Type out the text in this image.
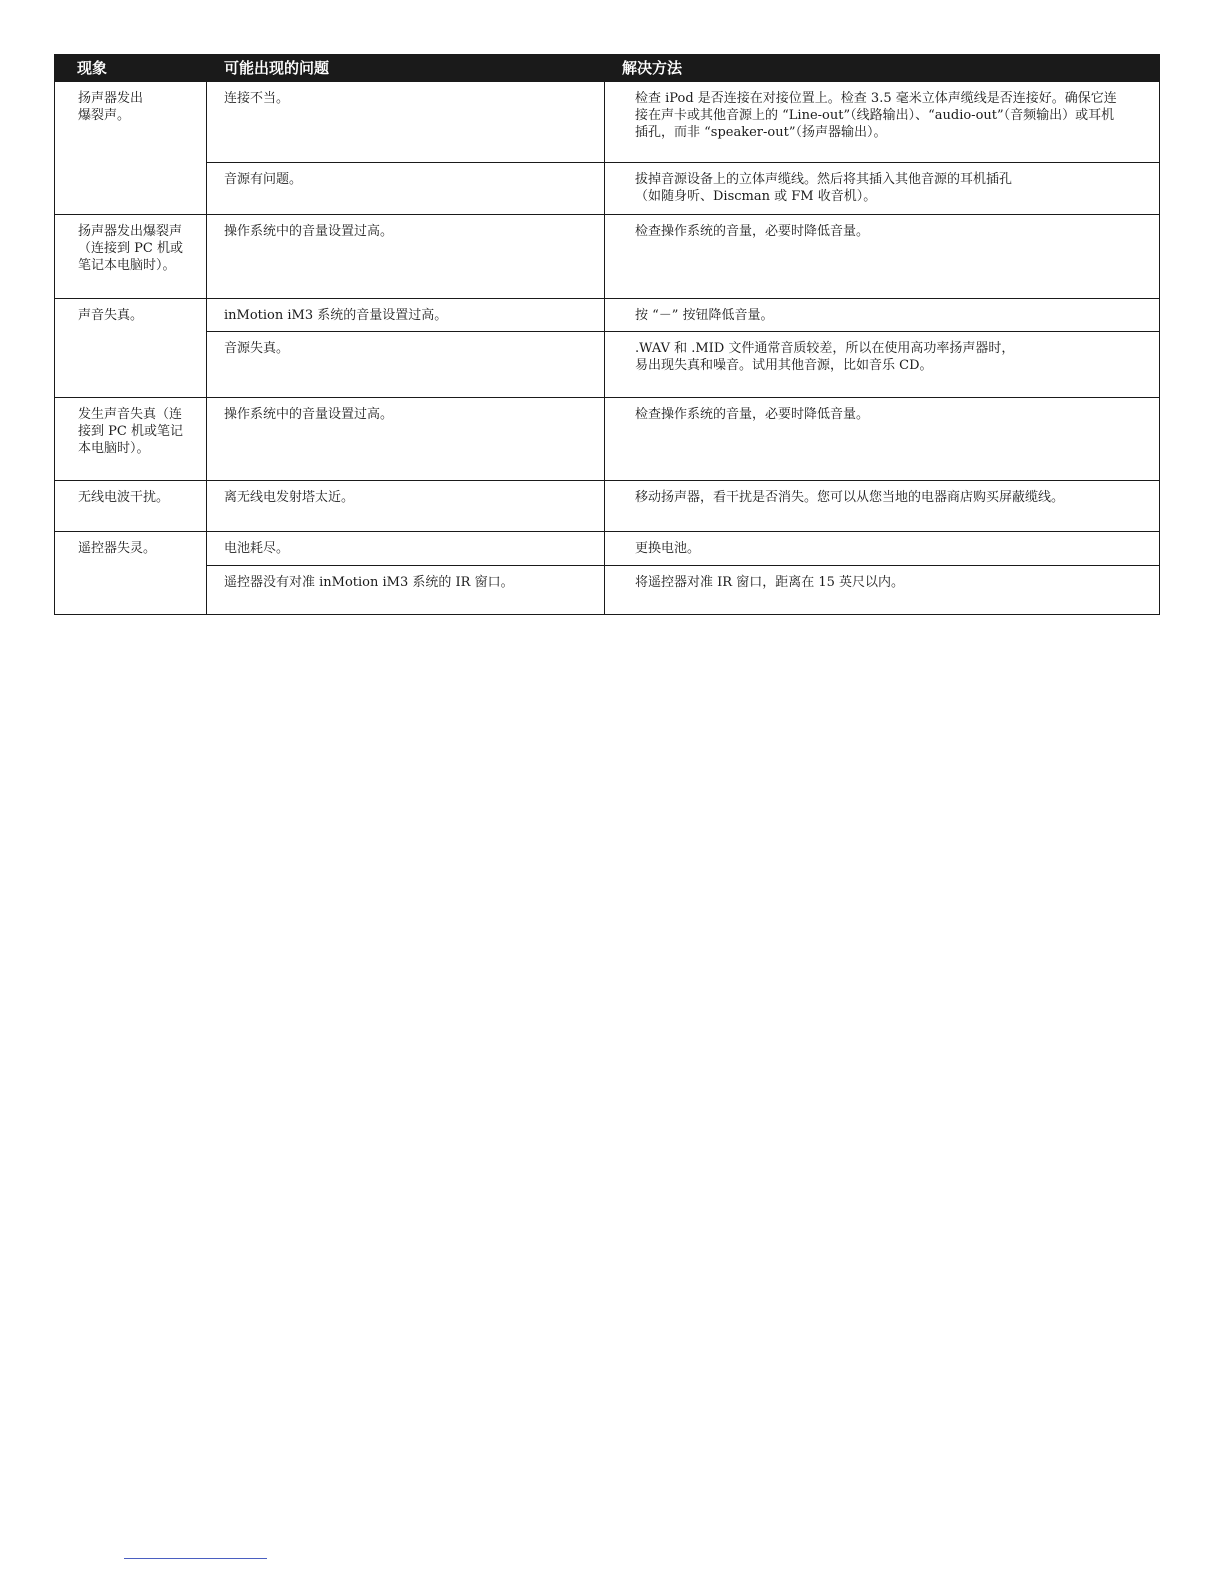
现象	可能出现的问题	解决方法
扬声器发出
爆裂声。	连接不当。	检查 iPod 是否连接在对接位置上。检查 3.5 毫米立体声缆线是否连接好。确保它连
接在声卡或其他音源上的 “Line-out”（线路输出）、“audio-out”（音频输出）或耳机
插孔，而非 “speaker-out”（扬声器输出）。
	音源有问题。	拔掉音源设备上的立体声缆线。然后将其插入其他音源的耳机插孔
（如随身听、Discman 或 FM 收音机）。
扬声器发出爆裂声
（连接到 PC 机或
笔记本电脑时）。	操作系统中的音量设置过高。	检查操作系统的音量，必要时降低音量。
声音失真。	inMotion iM3 系统的音量设置过高。	按 “－” 按钮降低音量。
	音源失真。	.WAV 和 .MID 文件通常音质较差，所以在使用高功率扬声器时，
易出现失真和噪音。试用其他音源，比如音乐 CD。
发生声音失真（连
接到 PC 机或笔记
本电脑时）。	操作系统中的音量设置过高。	检查操作系统的音量，必要时降低音量。
无线电波干扰。	离无线电发射塔太近。	移动扬声器，看干扰是否消失。您可以从您当地的电器商店购买屏蔽缆线。
遥控器失灵。	电池耗尽。	更换电池。
	遥控器没有对准 inMotion iM3 系统的 IR 窗口。	将遥控器对准 IR 窗口，距离在 15 英尺以内。
